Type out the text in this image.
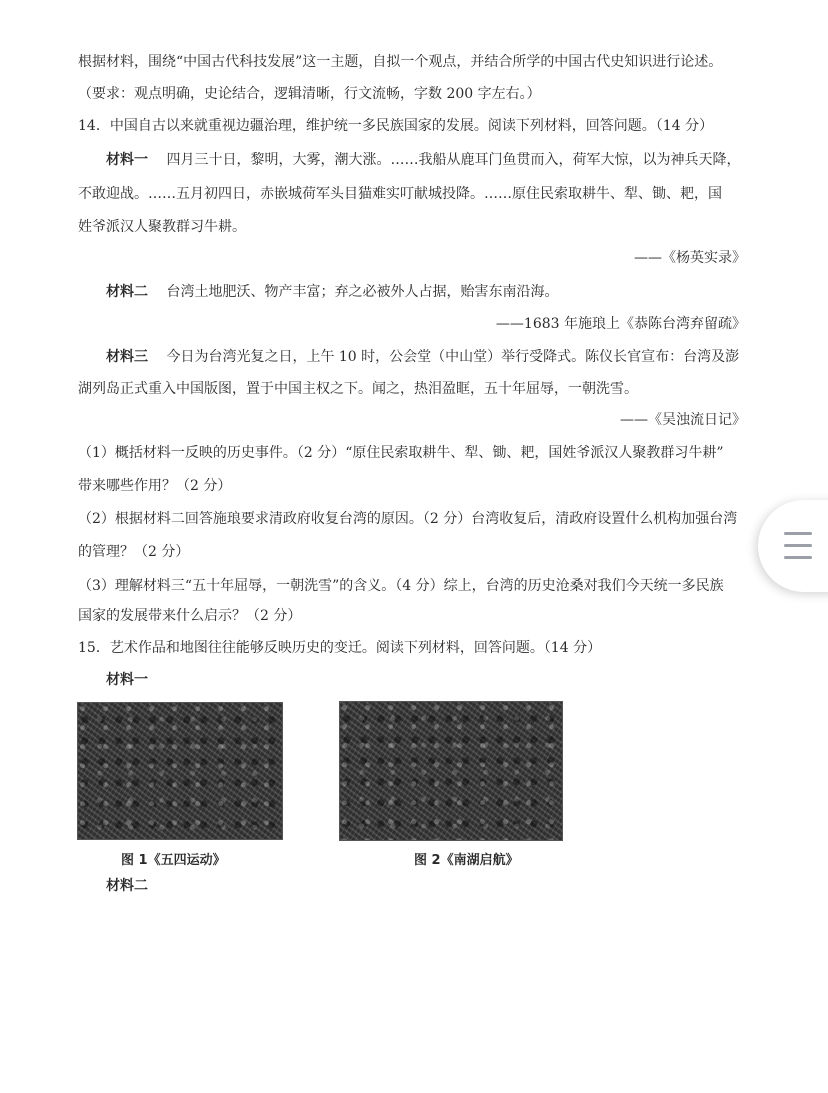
根据材料，围绕“中国古代科技发展”这一主题，自拟一个观点，并结合所学的中国古代史知识进行论述。
（要求：观点明确，史论结合，逻辑清晰，行文流畅，字数 200 字左右。）
14．中国自古以来就重视边疆治理，维护统一多民族国家的发展。阅读下列材料，回答问题。（14 分）
材料一 四月三十日，黎明，大雾，潮大涨。……我船从鹿耳门鱼贯而入，荷军大惊，以为神兵天降，
不敢迎战。……五月初四日，赤嵌城荷军头目猫难实叮献城投降。……原住民索取耕牛、犁、锄、耙，国
姓爷派汉人聚教群习牛耕。
——《杨英实录》
材料二 台湾土地肥沃、物产丰富；弃之必被外人占据，贻害东南沿海。
——1683 年施琅上《恭陈台湾弃留疏》
材料三 今日为台湾光复之日，上午 10 时，公会堂（中山堂）举行受降式。陈仪长官宣布：台湾及澎
湖列岛正式重入中国版图，置于中国主权之下。闻之，热泪盈眶，五十年屈辱，一朝洗雪。
——《吴浊流日记》
（1）概括材料一反映的历史事件。（2 分）“原住民索取耕牛、犁、锄、耙，国姓爷派汉人聚教群习牛耕”
带来哪些作用？（2 分）
（2）根据材料二回答施琅要求清政府收复台湾的原因。（2 分）台湾收复后，清政府设置什么机构加强台湾
的管理？（2 分）
（3）理解材料三“五十年屈辱，一朝洗雪”的含义。（4 分）综上，台湾的历史沧桑对我们今天统一多民族
国家的发展带来什么启示？（2 分）
15．艺术作品和地图往往能够反映历史的变迁。阅读下列材料，回答问题。（14 分）
材料一
图 1《五四运动》	图 2《南湖启航》
材料二
